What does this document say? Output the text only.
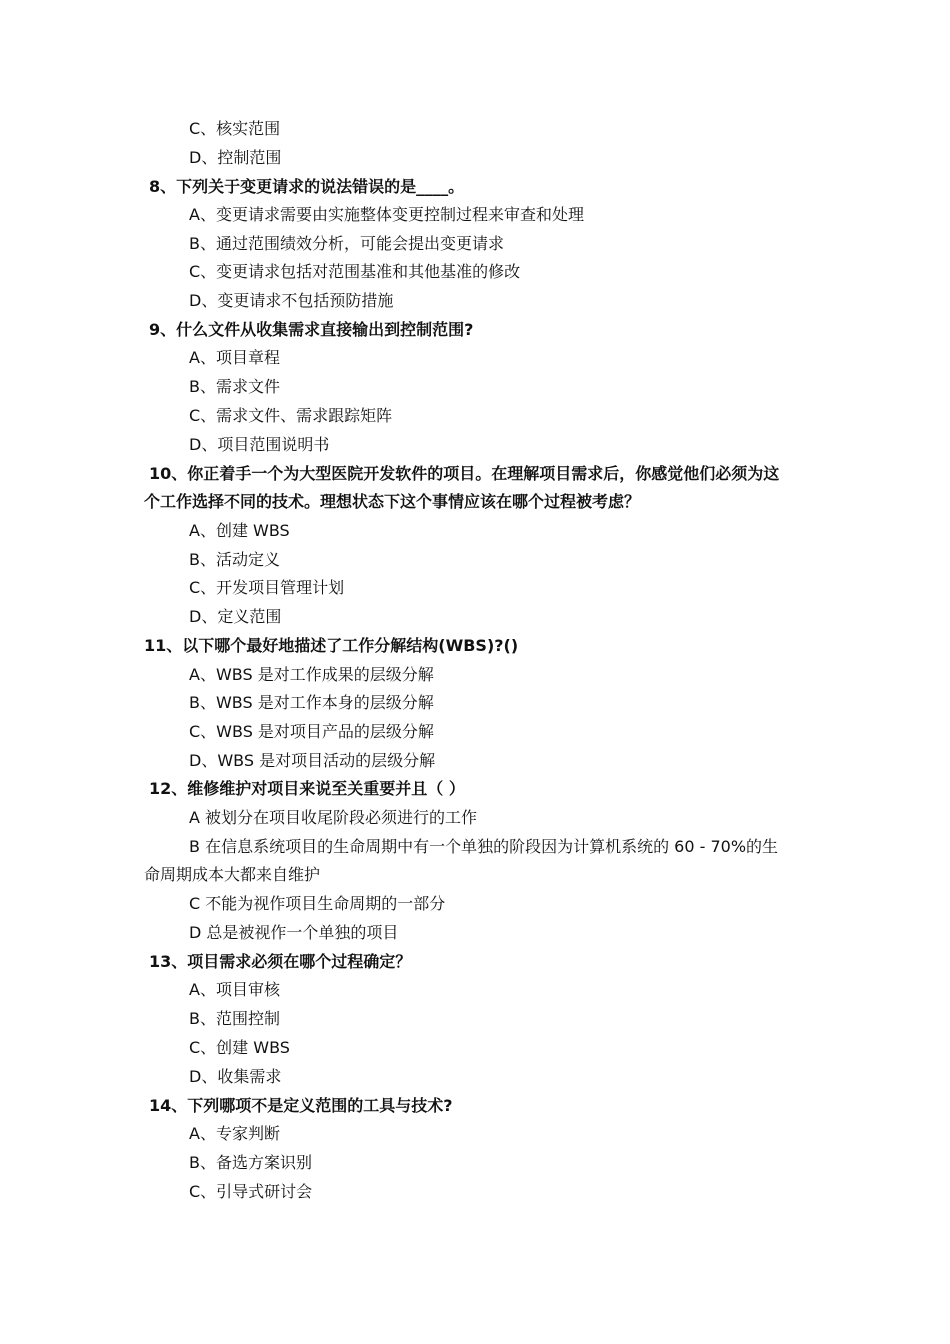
C、核实范围
D、控制范围
8、下列关于变更请求的说法错误的是____。
A、变更请求需要由实施整体变更控制过程来审查和处理
B、通过范围绩效分析，可能会提出变更请求
C、变更请求包括对范围基准和其他基准的修改
D、变更请求不包括预防措施
9、什么文件从收集需求直接输出到控制范围?
A、项目章程
B、需求文件
C、需求文件、需求跟踪矩阵
D、项目范围说明书
10、你正着手一个为大型医院开发软件的项目。在理解项目需求后，你感觉他们必须为这
个工作选择不同的技术。理想状态下这个事情应该在哪个过程被考虑？
A、创建 WBS
B、活动定义
C、开发项目管理计划
D、定义范围
11、以下哪个最好地描述了工作分解结构(WBS)?()
A、WBS 是对工作成果的层级分解
B、WBS 是对工作本身的层级分解
C、WBS 是对项目产品的层级分解
D、WBS 是对项目活动的层级分解
12、维修维护对项目来说至关重要并且（ ）
A 被划分在项目收尾阶段必须进行的工作
B 在信息系统项目的生命周期中有一个单独的阶段因为计算机系统的 60 - 70%的生
命周期成本大都来自维护
C 不能为视作项目生命周期的一部分
D 总是被视作一个单独的项目
13、项目需求必须在哪个过程确定？
A、项目审核
B、范围控制
C、创建 WBS
D、收集需求
14、下列哪项不是定义范围的工具与技术?
A、专家判断
B、备选方案识别
C、引导式研讨会
